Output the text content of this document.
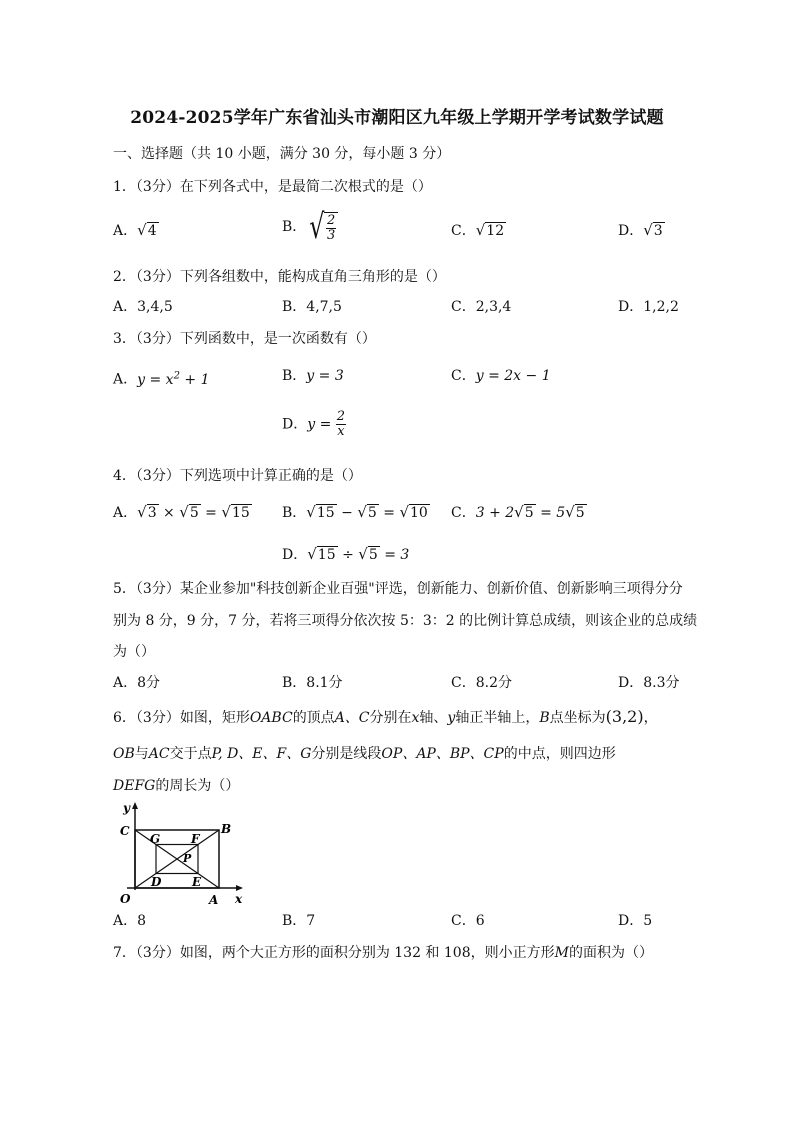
2024-2025学年广东省汕头市潮阳区九年级上学期开学考试数学试题
一、选择题（共 10 小题，满分 30 分，每小题 3 分）
1．（3分）在下列各式中，是最简二次根式的是（）
A．√4	B． √ $\frac{2}{3}$	C．√12	D．√3
2．（3分）下列各组数中，能构成直角三角形的是（）
A．3,4,5	B．4,7,5	C．2,3,4	D．1,2,2
3．（3分）下列函数中，是一次函数有（）
A．$y = x^2 + 1$	B．y = 3	C．y = 2x − 1
D．$y = \frac{2}{x}$
4．（3分）下列选项中计算正确的是（）
A．√3 × √5 = √15 B．√15 − √5 = √10 C．3 + 2√5 = 5√5
D．√15 ÷ √5 = 3
5．（3分）某企业参加"科技创新企业百强"评选，创新能力、创新价值、创新影响三项得分分
别为 8 分，9 分，7 分，若将三项得分依次按 5：3：2 的比例计算总成绩，则该企业的总成绩
为（）
A．8分	B．8.1分	C．8.2分	D．8.3分
6．（3分）如图，矩形OABC的顶点A、C分别在x轴、y轴正半轴上，B点坐标为(3,2)，
OB与AC交于点P, D、E、F、G分别是线段OP、AP、BP、CP的中点，则四边形
DEFG的周长为（）
y
x
C	B
G	F
P
O
D	E
A
A．8	B．7	C．6	D．5
7．（3分）如图，两个大正方形的面积分别为 132 和 108，则小正方形M的面积为（）
